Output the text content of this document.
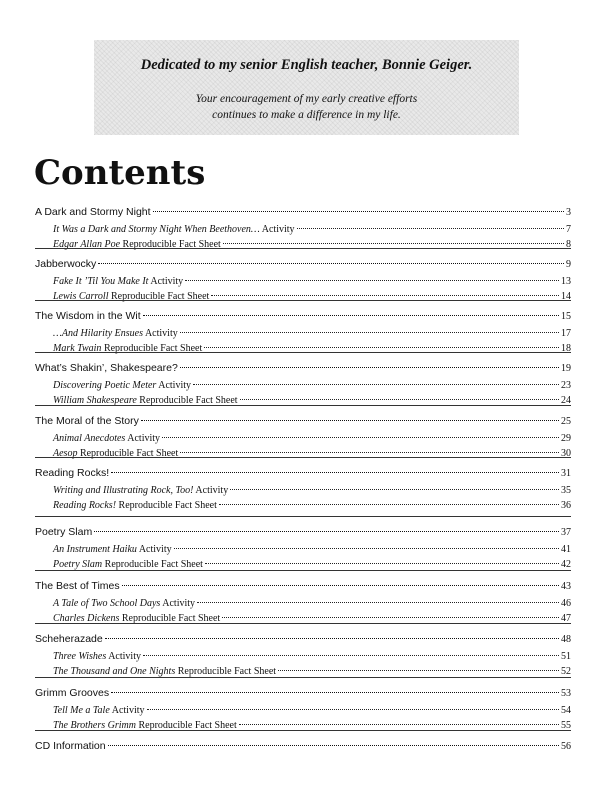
Dedicated to my senior English teacher, Bonnie Geiger.
Your encouragement of my early creative efforts
continues to make a difference in my life.
Contents
A Dark and Stormy Night	3
It Was a Dark and Stormy Night When Beethoven… Activity	7
Edgar Allan Poe Reproducible Fact Sheet	8
Jabberwocky	9
Fake It ’Til You Make It Activity	13
Lewis Carroll Reproducible Fact Sheet	14
The Wisdom in the Wit	15
…And Hilarity Ensues Activity	17
Mark Twain Reproducible Fact Sheet	18
What’s Shakin’, Shakespeare?	19
Discovering Poetic Meter Activity	23
William Shakespeare Reproducible Fact Sheet	24
The Moral of the Story	25
Animal Anecdotes Activity	29
Aesop Reproducible Fact Sheet	30
Reading Rocks!	31
Writing and Illustrating Rock, Too! Activity	35
Reading Rocks! Reproducible Fact Sheet	36
Poetry Slam	37
An Instrument Haiku Activity	41
Poetry Slam Reproducible Fact Sheet	42
The Best of Times	43
A Tale of Two School Days Activity	46
Charles Dickens Reproducible Fact Sheet	47
Scheherazade	48
Three Wishes Activity	51
The Thousand and One Nights Reproducible Fact Sheet	52
Grimm Grooves	53
Tell Me a Tale Activity	54
The Brothers Grimm Reproducible Fact Sheet	55
CD Information	56
